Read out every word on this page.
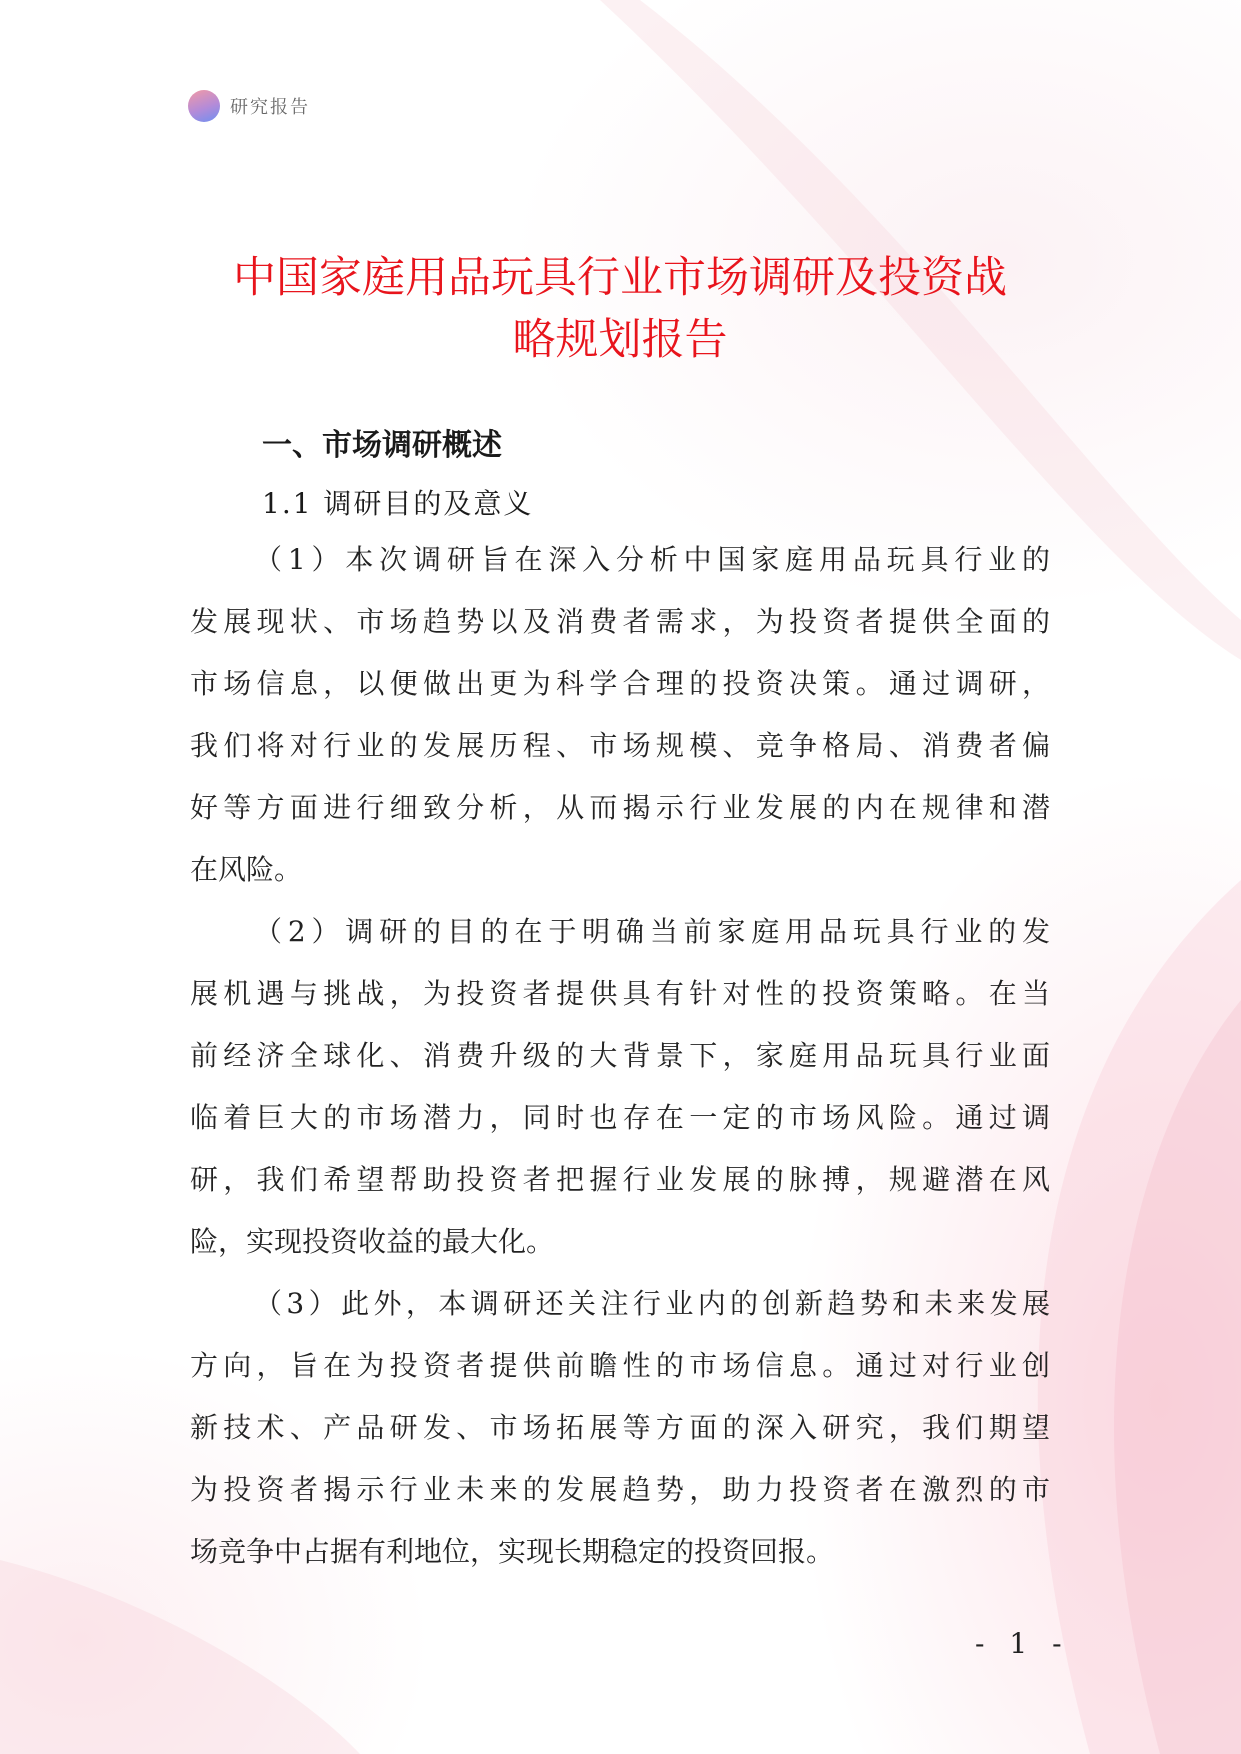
研究报告
中国家庭用品玩具行业市场调研及投资战
略规划报告
一、市场调研概述
1.1 调研目的及意义
（1）本次调研旨在深入分析中国家庭用品玩具行业的
发展现状、市场趋势以及消费者需求，为投资者提供全面的
市场信息，以便做出更为科学合理的投资决策。通过调研，
我们将对行业的发展历程、市场规模、竞争格局、消费者偏
好等方面进行细致分析，从而揭示行业发展的内在规律和潜
在风险。
（2）调研的目的在于明确当前家庭用品玩具行业的发
展机遇与挑战，为投资者提供具有针对性的投资策略。在当
前经济全球化、消费升级的大背景下，家庭用品玩具行业面
临着巨大的市场潜力，同时也存在一定的市场风险。通过调
研，我们希望帮助投资者把握行业发展的脉搏，规避潜在风
险，实现投资收益的最大化。
（3）此外，本调研还关注行业内的创新趋势和未来发展
方向，旨在为投资者提供前瞻性的市场信息。通过对行业创
新技术、产品研发、市场拓展等方面的深入研究，我们期望
为投资者揭示行业未来的发展趋势，助力投资者在激烈的市
场竞争中占据有利地位，实现长期稳定的投资回报。
- 1 -
